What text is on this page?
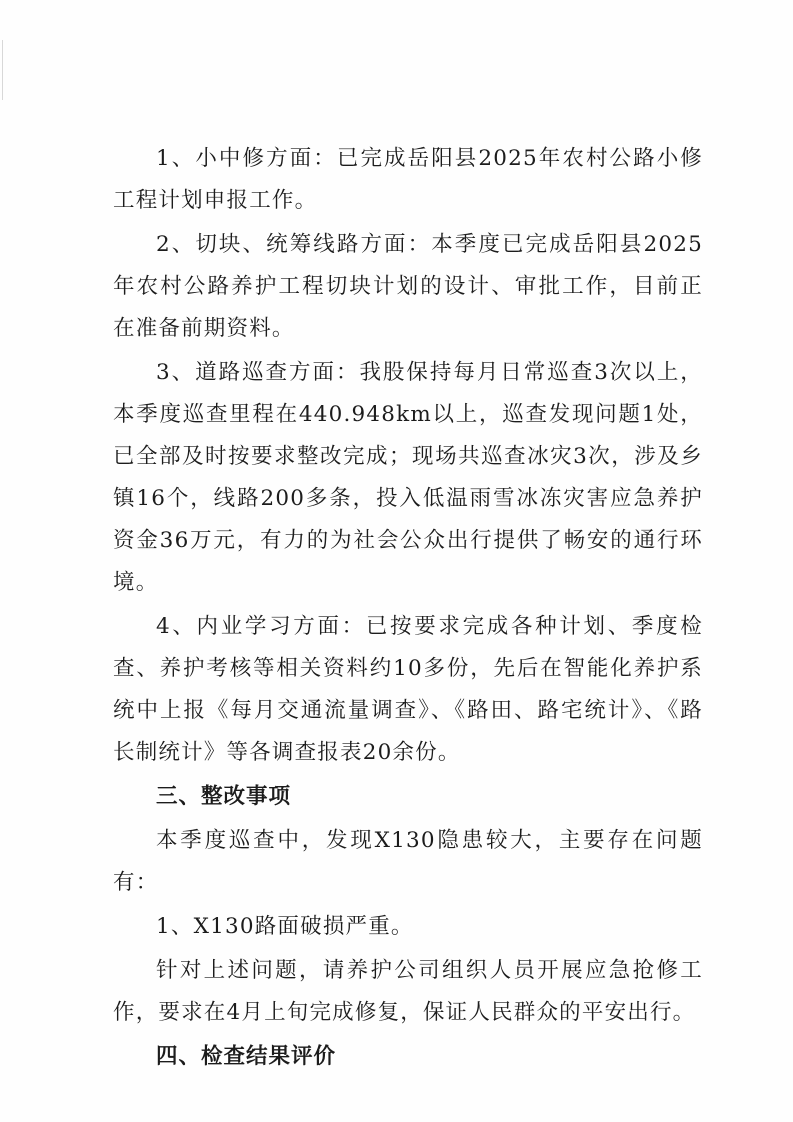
1、小中修方面：已完成岳阳县2025年农村公路小修工程计划申报工作。

2、切块、统筹线路方面：本季度已完成岳阳县2025年农村公路养护工程切块计划的设计、审批工作，目前正在准备前期资料。

3、道路巡查方面：我股保持每月日常巡查3次以上，本季度巡查里程在440.948km以上，巡查发现问题1处，已全部及时按要求整改完成；现场共巡查冰灾3次，涉及乡镇16个，线路200多条，投入低温雨雪冰冻灾害应急养护资金36万元，有力的为社会公众出行提供了畅安的通行环境。

4、内业学习方面：已按要求完成各种计划、季度检查、养护考核等相关资料约10多份，先后在智能化养护系统中上报《每月交通流量调查》、《路田、路宅统计》、《路长制统计》等各调查报表20余份。

三、整改事项

本季度巡查中，发现X130隐患较大，主要存在问题有：

1、X130路面破损严重。

针对上述问题，请养护公司组织人员开展应急抢修工作，要求在4月上旬完成修复，保证人民群众的平安出行。

四、检查结果评价
